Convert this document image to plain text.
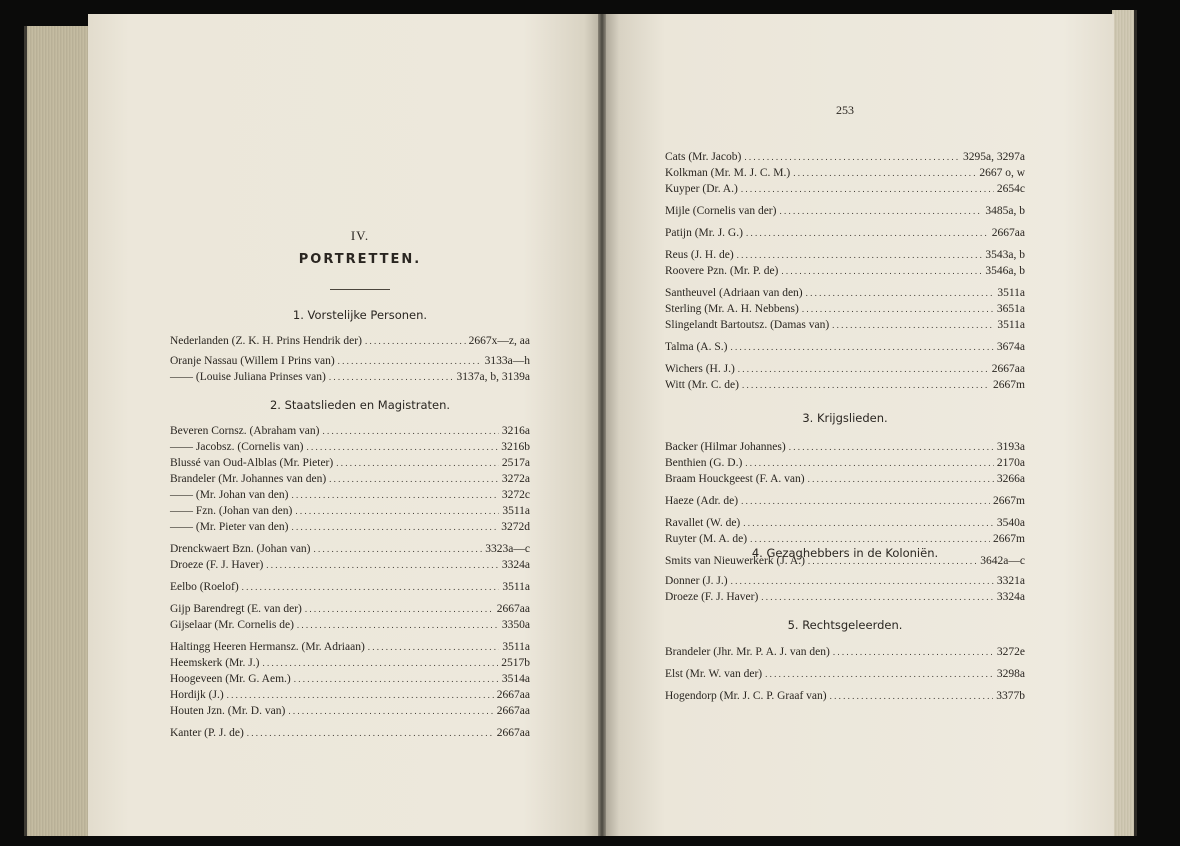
IV.
PORTRETTEN.
1. Vorstelijke Personen.
Nederlanden (Z. K. H. Prins Hendrik der) . . .	2667x—z, aa
Oranje Nassau (Willem I Prins van) . . .	3133a—h
—— (Louise Juliana Prinses van) . . .	3137a, b, 3139a
2. Staatslieden en Magistraten.
Beveren Cornsz. (Abraham van) . . .	3216a
—— Jacobsz. (Cornelis van) . . .	3216b
Blussé van Oud-Alblas (Mr. Pieter) . . .	2517a
Brandeler (Mr. Johannes van den) . . .	3272a
—— (Mr. Johan van den) . . .	3272c
—— Fzn. (Johan van den) . . .	3511a
—— (Mr. Pieter van den) . . .	3272d
Drenckwaert Bzn. (Johan van) . . .	3323a—c
Droeze (F. J. Haver) . . .	3324a
Eelbo (Roelof) . . .	3511a
Gijp Barendregt (E. van der) . . .	2667aa
Gijselaar (Mr. Cornelis de) . . .	3350a
Haltingg Heeren Hermansz. (Mr. Adriaan) . . .	3511a
Heemskerk (Mr. J.) . . .	2517b
Hoogeveen (Mr. G. Aem.) . . .	3514a
Hordijk (J.) . . .	2667aa
Houten Jzn. (Mr. D. van) . . .	2667aa
Kanter (P. J. de) . . .	2667aa
253
Cats (Mr. Jacob) . . .	3295a, 3297a
Kolkman (Mr. M. J. C. M.) . . .	2667 o, w
Kuyper (Dr. A.) . . .	2654c
Mijle (Cornelis van der) . . .	3485a, b
Patijn (Mr. J. G.) . . .	2667aa
Reus (J. H. de) . . .	3543a, b
Roovere Pzn. (Mr. P. de) . . .	3546a, b
Santheuvel (Adriaan van den) . . .	3511a
Sterling (Mr. A. H. Nebbens) . . .	3651a
Slingelandt Bartoutsz. (Damas van) . . .	3511a
Talma (A. S.) . . .	3674a
Wichers (H. J.) . . .	2667aa
Witt (Mr. C. de) . . .	2667m
3. Krijgslieden.
Backer (Hilmar Johannes) . . .	3193a
Benthien (G. D.) . . .	2170a
Braam Houckgeest (F. A. van) . . .	3266a
Haeze (Adr. de) . . .	2667m
Ravallet (W. de) . . .	3540a
Ruyter (M. A. de) . . .	2667m
Smits van Nieuwerkerk (J. A.) . . .	3642a—c
4. Gezaghebbers in de Koloniën.
Donner (J. J.) . . .	3321a
Droeze (F. J. Haver) . . .	3324a
5. Rechtsgeleerden.
Brandeler (Jhr. Mr. P. A. J. van den) . . .	3272e
Elst (Mr. W. van der) . . .	3298a
Hogendorp (Mr. J. C. P. Graaf van) . . .	3377b
